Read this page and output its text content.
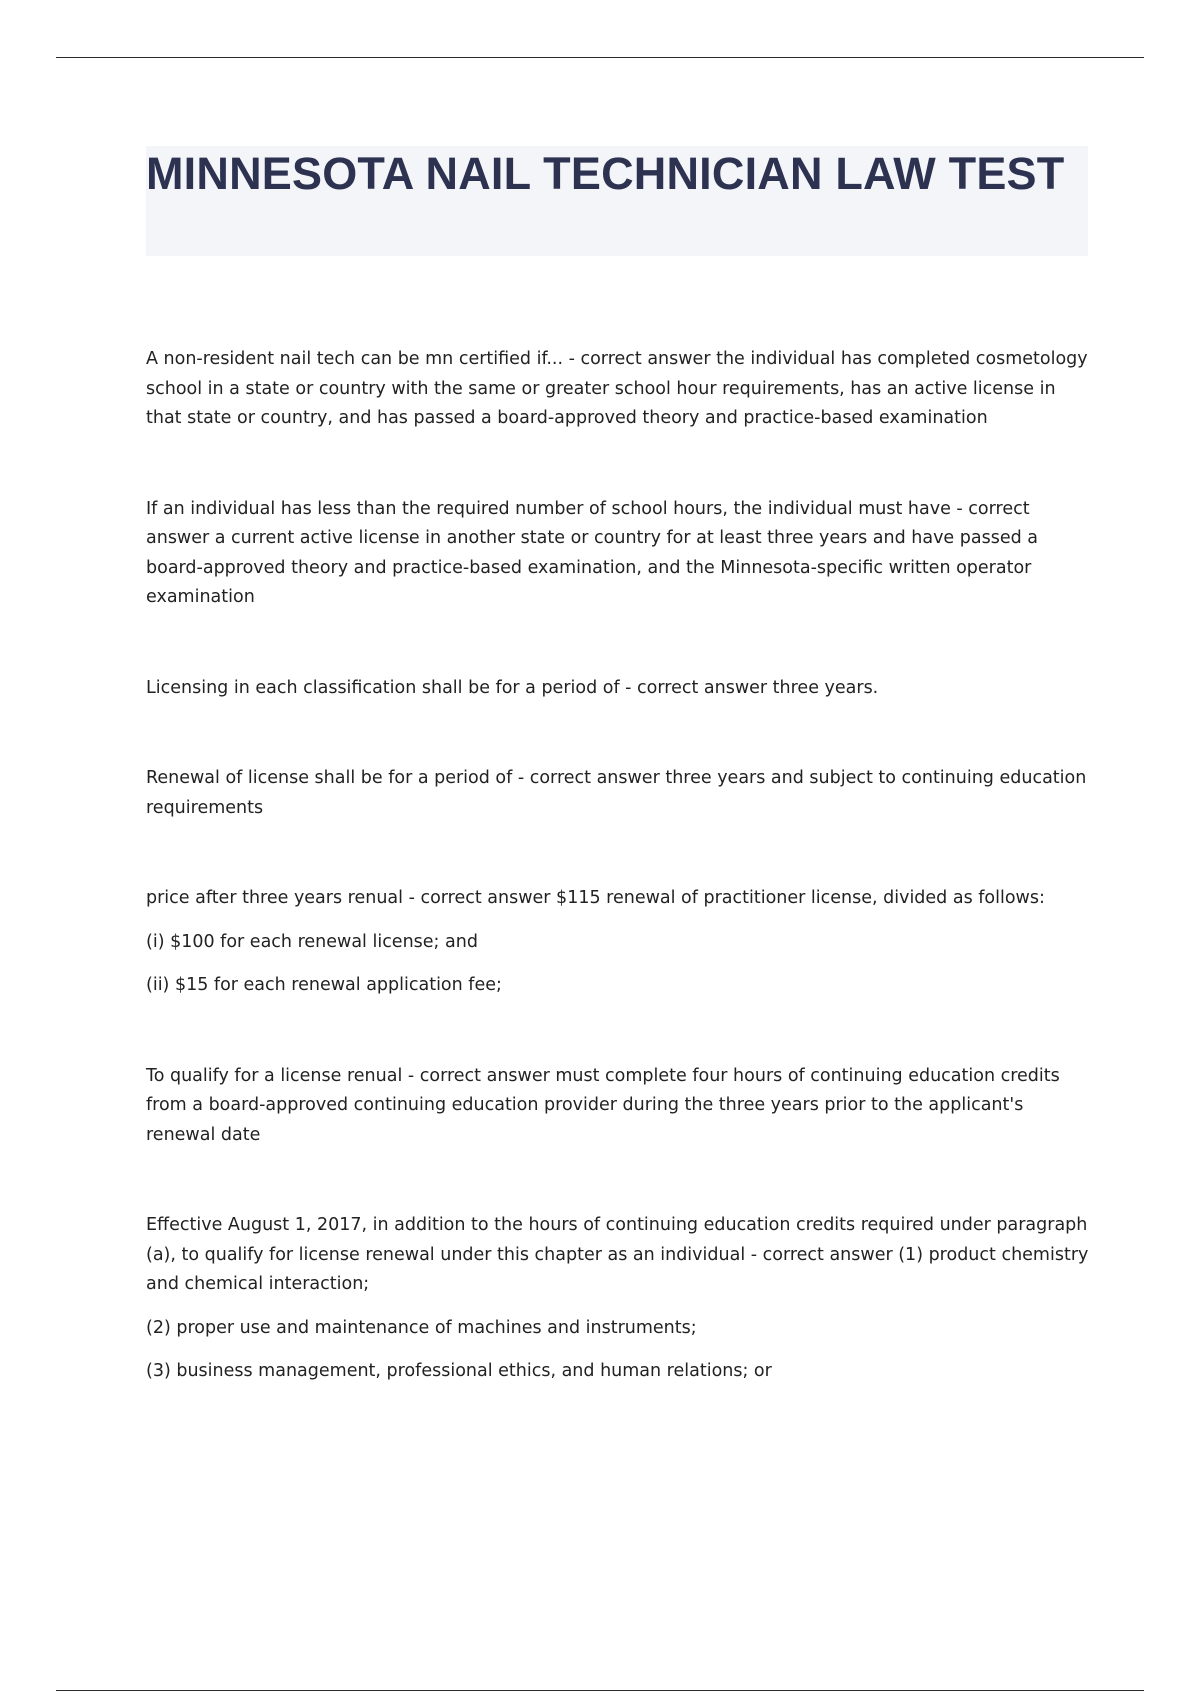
MINNESOTA NAIL TECHNICIAN LAW TEST

A non-resident nail tech can be mn certified if... - correct answer the individual has completed cosmetology school in a state or country with the same or greater school hour requirements, has an active license in that state or country, and has passed a board-approved theory and practice-based examination

If an individual has less than the required number of school hours, the individual must have - correct answer a current active license in another state or country for at least three years and have passed a board-approved theory and practice-based examination, and the Minnesota-specific written operator examination

Licensing in each classification shall be for a period of - correct answer three years.

Renewal of license shall be for a period of - correct answer three years and subject to continuing education requirements

price after three years renual - correct answer $115 renewal of practitioner license, divided as follows:

(i) $100 for each renewal license; and

(ii) $15 for each renewal application fee;

To qualify for a license renual - correct answer must complete four hours of continuing education credits from a board-approved continuing education provider during the three years prior to the applicant's renewal date

Effective August 1, 2017, in addition to the hours of continuing education credits required under paragraph (a), to qualify for license renewal under this chapter as an individual - correct answer (1) product chemistry and chemical interaction;

(2) proper use and maintenance of machines and instruments;

(3) business management, professional ethics, and human relations; or
